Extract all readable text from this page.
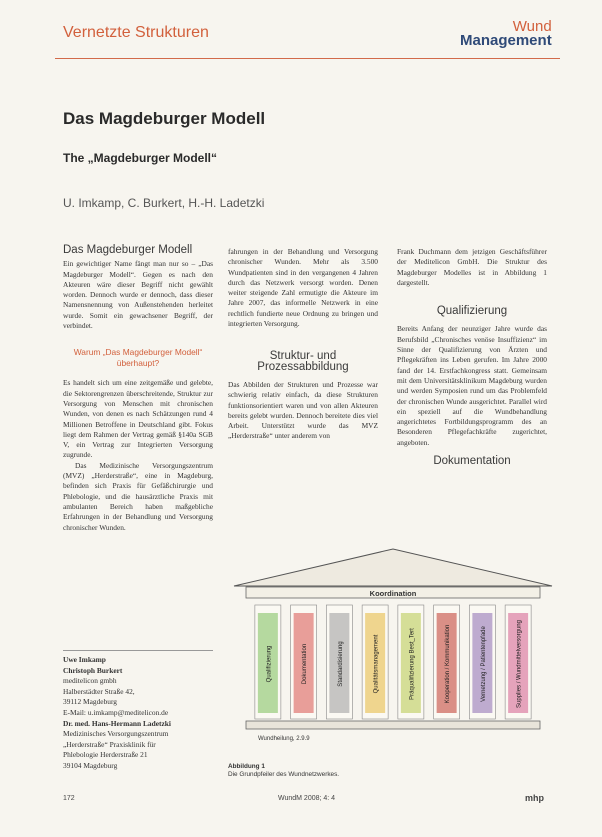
Vernetzte Strukturen	Wund
Management
Das Magdeburger Modell
The „Magdeburger Modell“
U. Imkamp, C. Burkert, H.-H. Ladetzki
Das Magdeburger Modell

Ein gewichtiger Name fängt man nur so – „Das Magdeburger Modell“. Gegen es nach den Akteuren wäre dieser Begriff nicht gewählt worden. Dennoch wurde er dennoch, dass dieser Namensnennung von Außenstehenden herleitet wurde. Somit ein gewachsener Begriff, der verbindet.

Warum „Das Magdeburger Modell“ überhaupt?

Es handelt sich um eine zeitgemäße und gelebte, die Sektorengrenzen überschreitende, Struktur zur Versorgung von Menschen mit chronischen Wunden, von denen es nach Schätzungen rund 4 Millionen Betroffene in Deutschland gibt. Fokus liegt dem Rahmen der Vertrag gemäß §140a SGB V, ein Vertrag zur Integrierten Versorgung zugrunde.

Das Medizinische Versorgungszentrum (MVZ) „Herderstraße“, eine in Magdeburg, befinden sich Praxis für Gefäßchirurgie und Phlebologie, und die hausärztliche Praxis mit ambulanten Bereich haben maßgebliche Erfahrungen in der Behandlung und Versorgung chronischer Wunden.

Uwe Imkamp
Christoph Burkert
meditelicon gmbh
Halberstädter Straße 42,
39112 Magdeburg
E-Mail: u.imkamp@meditelicon.de
Dr. med. Hans-Hermann Ladetzki
Medizinisches Versorgungszentrum
„Herderstraße“ Praxisklinik für
Phlebologie Herderstraße 21
39104 Magdeburg

fahrungen in der Behandlung und Versorgung chronischer Wunden. Mehr als 3.500 Wundpatienten sind in den vergangenen 4 Jahren durch das Netzwerk versorgt worden. Denen weiter steigende Zahl ermutigte die Akteure im Jahre 2007, das informelle Netzwerk in eine rechtlich fundierte neue Ordnung zu bringen und integrierten Versorgung.

Struktur- und Prozessabbildung

Das Abbilden der Strukturen und Prozesse war schwierig relativ einfach, da diese Strukturen funktionsorientiert waren und von allen Akteuren bereits gelebt wurden. Dennoch bereitete dies viel Arbeit. Unterstützt wurde das MVZ „Herderstraße“ unter anderem von

Frank Duchmann dem jetzigen Geschäftsführer der Meditelicon GmbH. Die Struktur des Magdeburger Modelles ist in Abbildung 1 dargestellt.

Qualifizierung

Bereits Anfang der neunziger Jahre wurde das Berufsbild „Chronisches venöse Insuffizienz“ im Sinne der Qualifizierung von Ärzten und Pflegekräften ins Leben gerufen. Im Jahre 2000 fand der 14. Erstfachkongress statt. Gemeinsam mit dem Universitätsklinikum Magdeburg wurden und werden Symposien rund um das Problemfeld der chronischen Wunde ausgerichtet. Parallel wird ein speziell auf die Wundbehandlung angerichtetes Fortbildungsprogramm des an Besonderen Pflegefachkräfte zugerichtet, angeboten.

Dokumentation
Koordination
Qualifizierung	Dokumentation	Standardisierung	Qualitätsmanagement	Präqualifizierung Best_Tert	Kooperation / Kommunikation	Vernetzung / Patientenpfade	Supplies / Wundmittelversorgung
Wundheilung, 2.9.9
Abbildung 1
Die Grundpfeiler des Wundnetzwerkes.
172	WundM 2008; 4: 4	mhp
